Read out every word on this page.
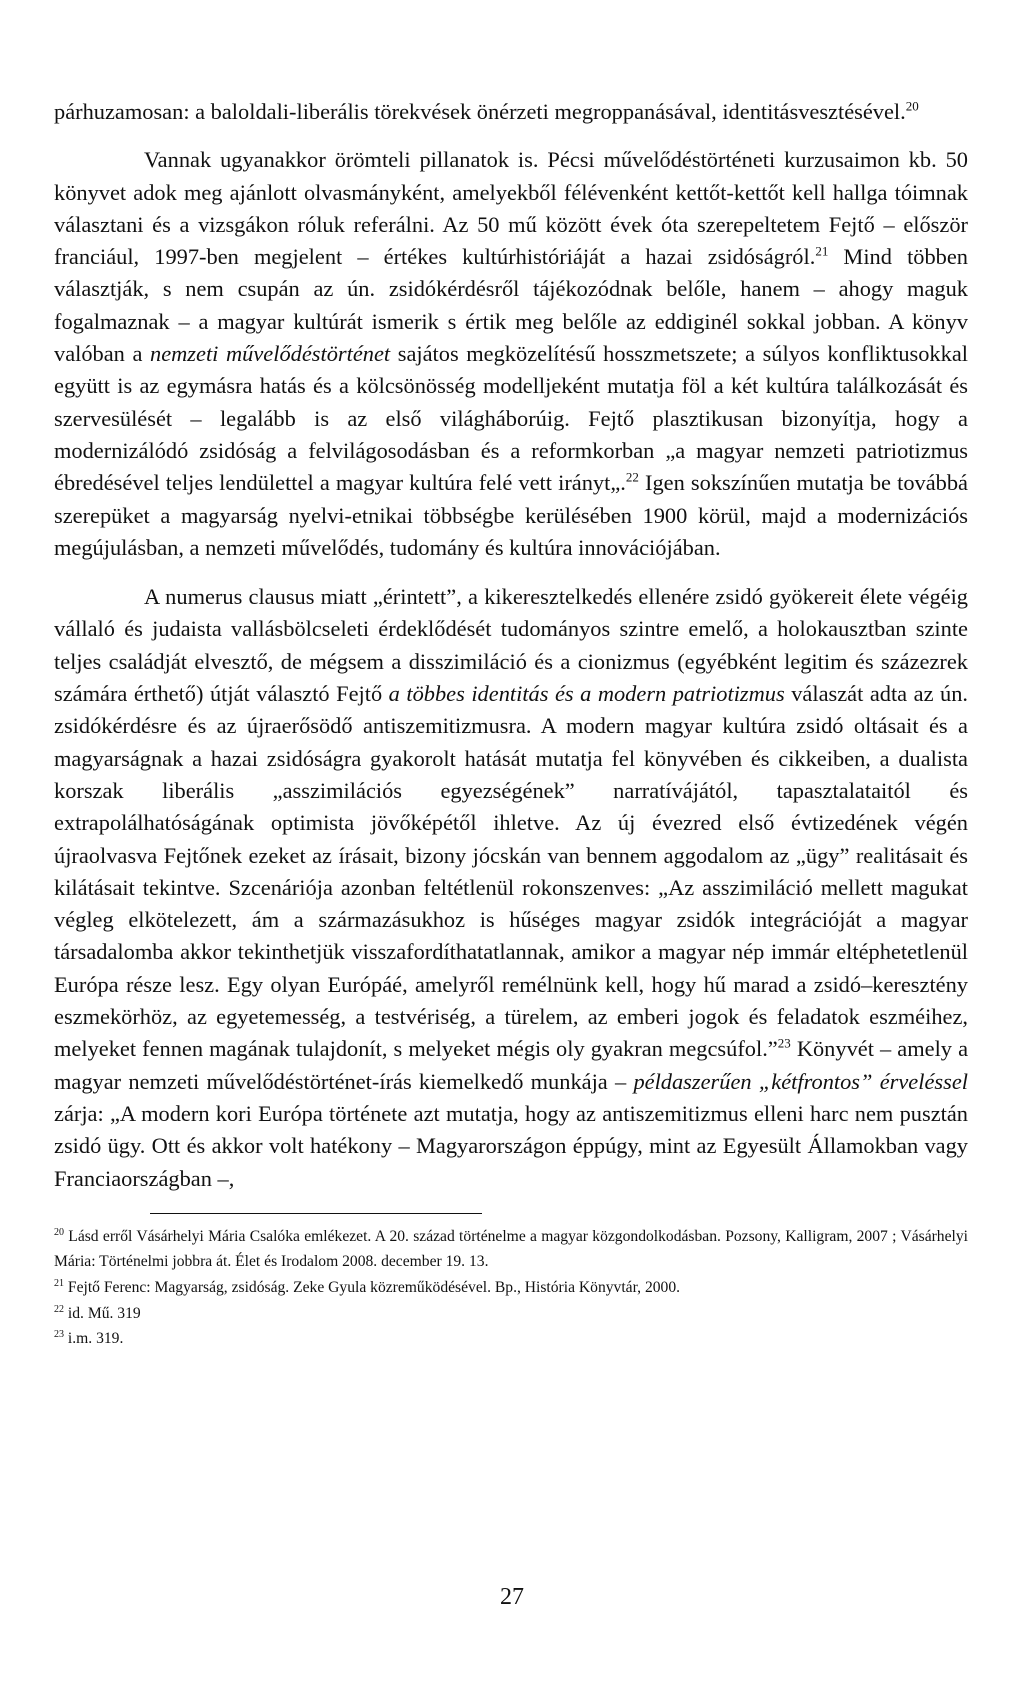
párhuzamosan: a baloldali-liberális törekvések önérzeti megroppanásával, identitásvesztésével.$^{20}$

Vannak ugyanakkor örömteli pillanatok is. Pécsi művelődéstörténeti kurzusaimon kb. 50 könyvet adok meg ajánlott olvasmányként, amelyekből félévenként kettőt-kettőt kell hallga tóimnak választani és a vizsgákon róluk referálni. Az 50 mű között évek óta szerepeltetem Fejtő – először franciául, 1997-ben megjelent – értékes kultúrhistóriáját a hazai zsidóságról.$^{21}$ Mind többen választják, s nem csupán az ún. zsidókérdésről tájékozódnak belőle, hanem – ahogy maguk fogalmaznak – a magyar kultúrát ismerik s értik meg belőle az eddiginél sokkal jobban. A könyv valóban a nemzeti művelődéstörténet sajátos megközelítésű hosszmetszete; a súlyos konfliktusokkal együtt is az egymásra hatás és a kölcsönösség modelljeként mutatja föl a két kultúra találkozását és szervesülését – legalább is az első világháborúig. Fejtő plasztikusan bizonyítja, hogy a modernizálódó zsidóság a felvilágosodásban és a reformkorban „a magyar nemzeti patriotizmus ébredésével teljes lendülettel a magyar kultúra felé vett irányt„.$^{22}$ Igen sokszínűen mutatja be továbbá szerepüket a magyarság nyelvi-etnikai többségbe kerülésében 1900 körül, majd a modernizációs megújulásban, a nemzeti művelődés, tudomány és kultúra innovációjában.

A numerus clausus miatt „érintett”, a kikeresztelkedés ellenére zsidó gyökereit élete végéig vállaló és judaista vallásbölcseleti érdeklődését tudományos szintre emelő, a holokausztban szinte teljes családját elvesztő, de mégsem a disszimiláció és a cionizmus (egyébként legitim és százezrek számára érthető) útját választó Fejtő a többes identitás és a modern patriotizmus válaszát adta az ún. zsidókérdésre és az újraerősödő antiszemitizmusra. A modern magyar kultúra zsidó oltásait és a magyarságnak a hazai zsidóságra gyakorolt hatását mutatja fel könyvében és cikkeiben, a dualista korszak liberális „asszimilációs egyezségének” narratívájától, tapasztalataitól és extrapolálhatóságának optimista jövőképétől ihletve. Az új évezred első évtizedének végén újraolvasva Fejtőnek ezeket az írásait, bizony jócskán van bennem aggodalom az „ügy” realitásait és kilátásait tekintve. Szcenáriója azonban feltétlenül rokonszenves: „Az asszimiláció mellett magukat végleg elkötelezett, ám a származásukhoz is hűséges magyar zsidók integrációját a magyar társadalomba akkor tekinthetjük visszafordíthatatlannak, amikor a magyar nép immár eltéphetetlenül Európa része lesz. Egy olyan Európáé, amelyről remélnünk kell, hogy hű marad a zsidó–keresztény eszmekörhöz, az egyetemesség, a testvériség, a türelem, az emberi jogok és feladatok eszméihez, melyeket fennen magának tulajdonít, s melyeket mégis oly gyakran megcsúfol.”$^{23}$ Könyvét – amely a magyar nemzeti művelődéstörténet-írás kiemelkedő munkája – példaszerűen „kétfrontos” érveléssel zárja: „A modern kori Európa története azt mutatja, hogy az antiszemitizmus elleni harc nem pusztán zsidó ügy. Ott és akkor volt hatékony – Magyarországon éppúgy, mint az Egyesült Államokban vagy Franciaországban –,

$^{20}$ Lásd erről Vásárhelyi Mária Csalóka emlékezet. A 20. század történelme a magyar közgondolkodásban. Pozsony, Kalligram, 2007 ; Vásárhelyi Mária: Történelmi jobbra át. Élet és Irodalom 2008. december 19. 13.

$^{21}$ Fejtő Ferenc: Magyarság, zsidóság. Zeke Gyula közreműködésével. Bp., História Könyvtár, 2000.

$^{22}$ id. Mű. 319

$^{23}$ i.m. 319.

27
